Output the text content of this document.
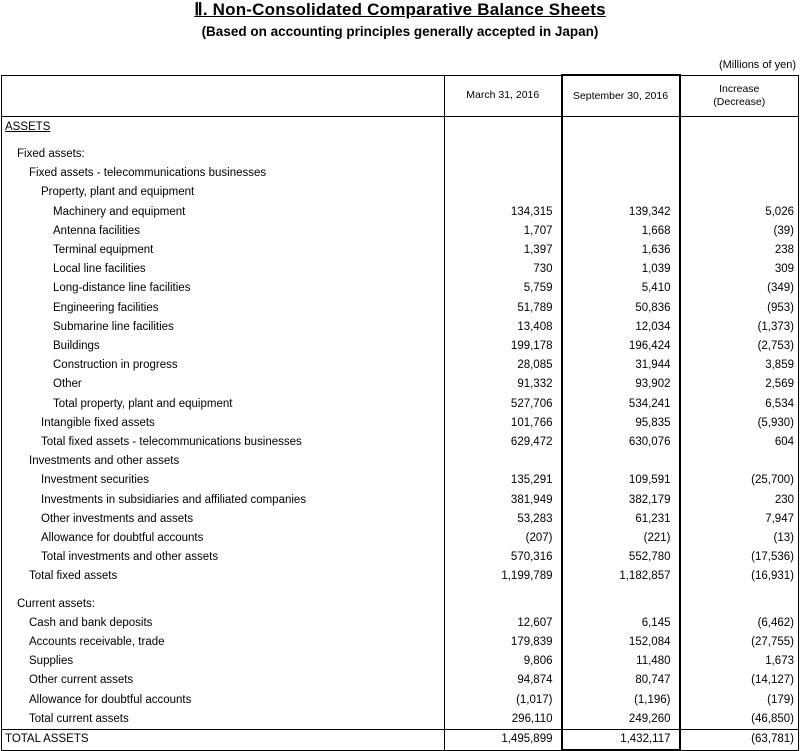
Ⅱ. Non-Consolidated Comparative Balance Sheets
(Based on accounting principles generally accepted in Japan)
(Millions of yen)
	March 31, 2016	September 30, 2016	Increase
(Decrease)
ASSETS			

Fixed assets:			
Fixed assets - telecommunications businesses			
Property, plant and equipment			
Machinery and equipment	134,315	139,342	5,026
Antenna facilities	1,707	1,668	(39)
Terminal equipment	1,397	1,636	238
Local line facilities	730	1,039	309
Long-distance line facilities	5,759	5,410	(349)
Engineering facilities	51,789	50,836	(953)
Submarine line facilities	13,408	12,034	(1,373)
Buildings	199,178	196,424	(2,753)
Construction in progress	28,085	31,944	3,859
Other	91,332	93,902	2,569
Total property, plant and equipment	527,706	534,241	6,534
Intangible fixed assets	101,766	95,835	(5,930)
Total fixed assets - telecommunications businesses	629,472	630,076	604
Investments and other assets			
Investment securities	135,291	109,591	(25,700)
Investments in subsidiaries and affiliated companies	381,949	382,179	230
Other investments and assets	53,283	61,231	7,947
Allowance for doubtful accounts	(207)	(221)	(13)
Total investments and other assets	570,316	552,780	(17,536)
Total fixed assets	1,199,789	1,182,857	(16,931)

Current assets:			
Cash and bank deposits	12,607	6,145	(6,462)
Accounts receivable, trade	179,839	152,084	(27,755)
Supplies	9,806	11,480	1,673
Other current assets	94,874	80,747	(14,127)
Allowance for doubtful accounts	(1,017)	(1,196)	(179)
Total current assets	296,110	249,260	(46,850)
TOTAL ASSETS	1,495,899	1,432,117	(63,781)
